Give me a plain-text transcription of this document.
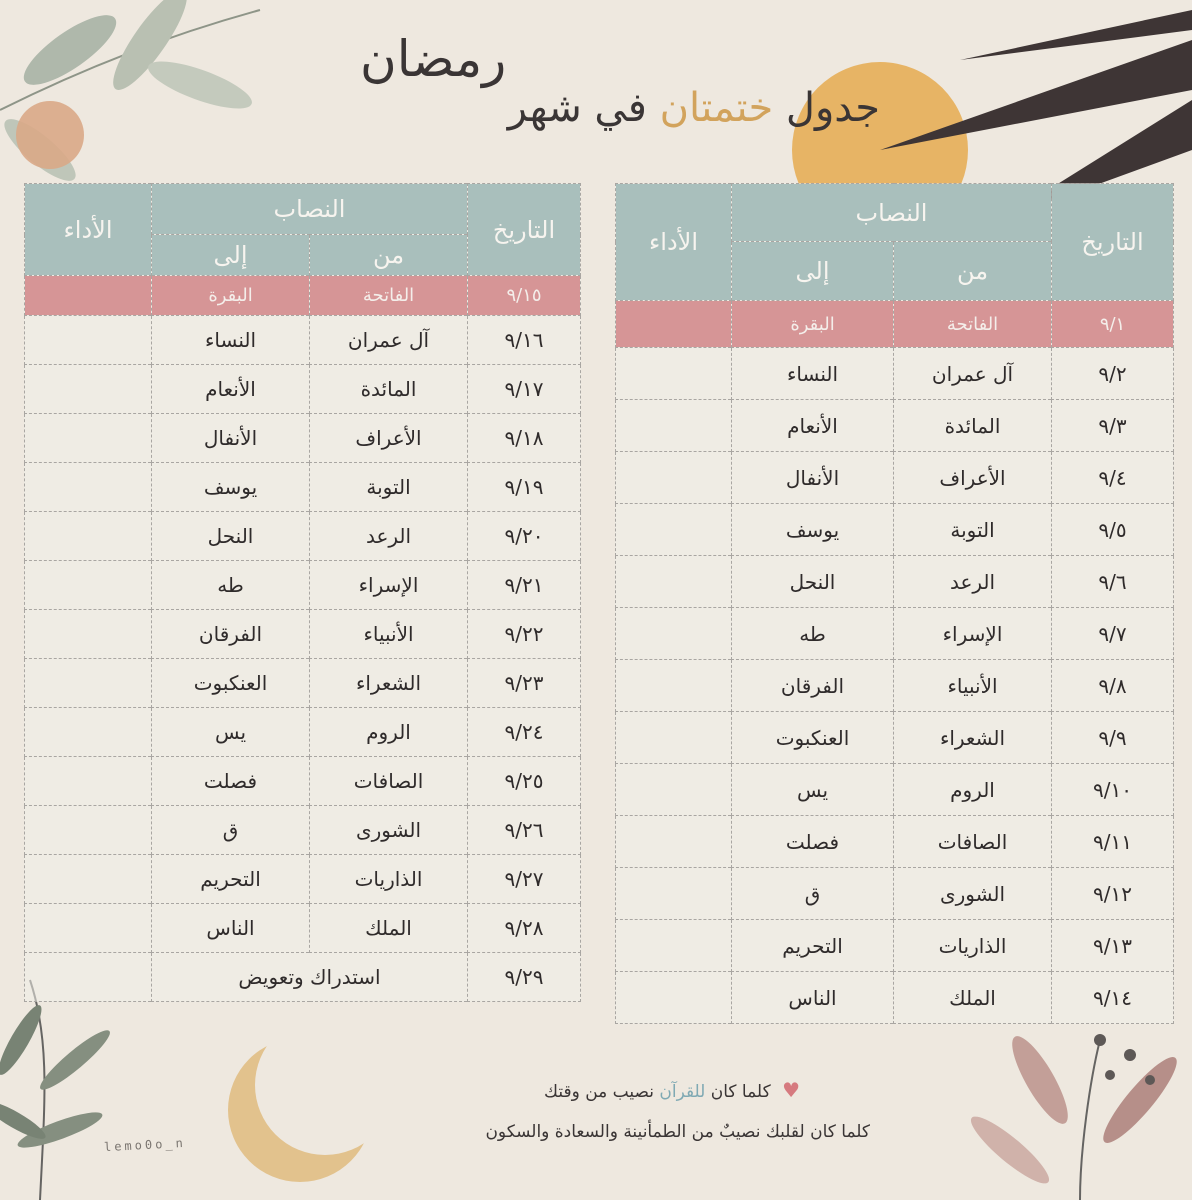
رمضان
جدول ختمتان في شهر
التاريخ	النصاب		الأداء
	من	إلى	
٩/١٥	الفاتحة	البقرة	
٩/١٦	آل عمران	النساء	
٩/١٧	المائدة	الأنعام	
٩/١٨	الأعراف	الأنفال	
٩/١٩	التوبة	يوسف	
٩/٢٠	الرعد	النحل	
٩/٢١	الإسراء	طه	
٩/٢٢	الأنبياء	الفرقان	
٩/٢٣	الشعراء	العنكبوت	
٩/٢٤	الروم	يس	
٩/٢٥	الصافات	فصلت	
٩/٢٦	الشورى	ق	
٩/٢٧	الذاريات	التحريم	
٩/٢٨	الملك	الناس	
٩/٢٩	استدراك وتعويض		
التاريخ	النصاب		الأداء
	من	إلى	
٩/١	الفاتحة	البقرة	
٩/٢	آل عمران	النساء	
٩/٣	المائدة	الأنعام	
٩/٤	الأعراف	الأنفال	
٩/٥	التوبة	يوسف	
٩/٦	الرعد	النحل	
٩/٧	الإسراء	طه	
٩/٨	الأنبياء	الفرقان	
٩/٩	الشعراء	العنكبوت	
٩/١٠	الروم	يس	
٩/١١	الصافات	فصلت	
٩/١٢	الشورى	ق	
٩/١٣	الذاريات	التحريم	
٩/١٤	الملك	الناس	
♥ كلما كان للقرآن نصيب من وقتك
كلما كان لقلبك نصيبٌ من الطمأنينة والسعادة والسكون
lemo0o_n
